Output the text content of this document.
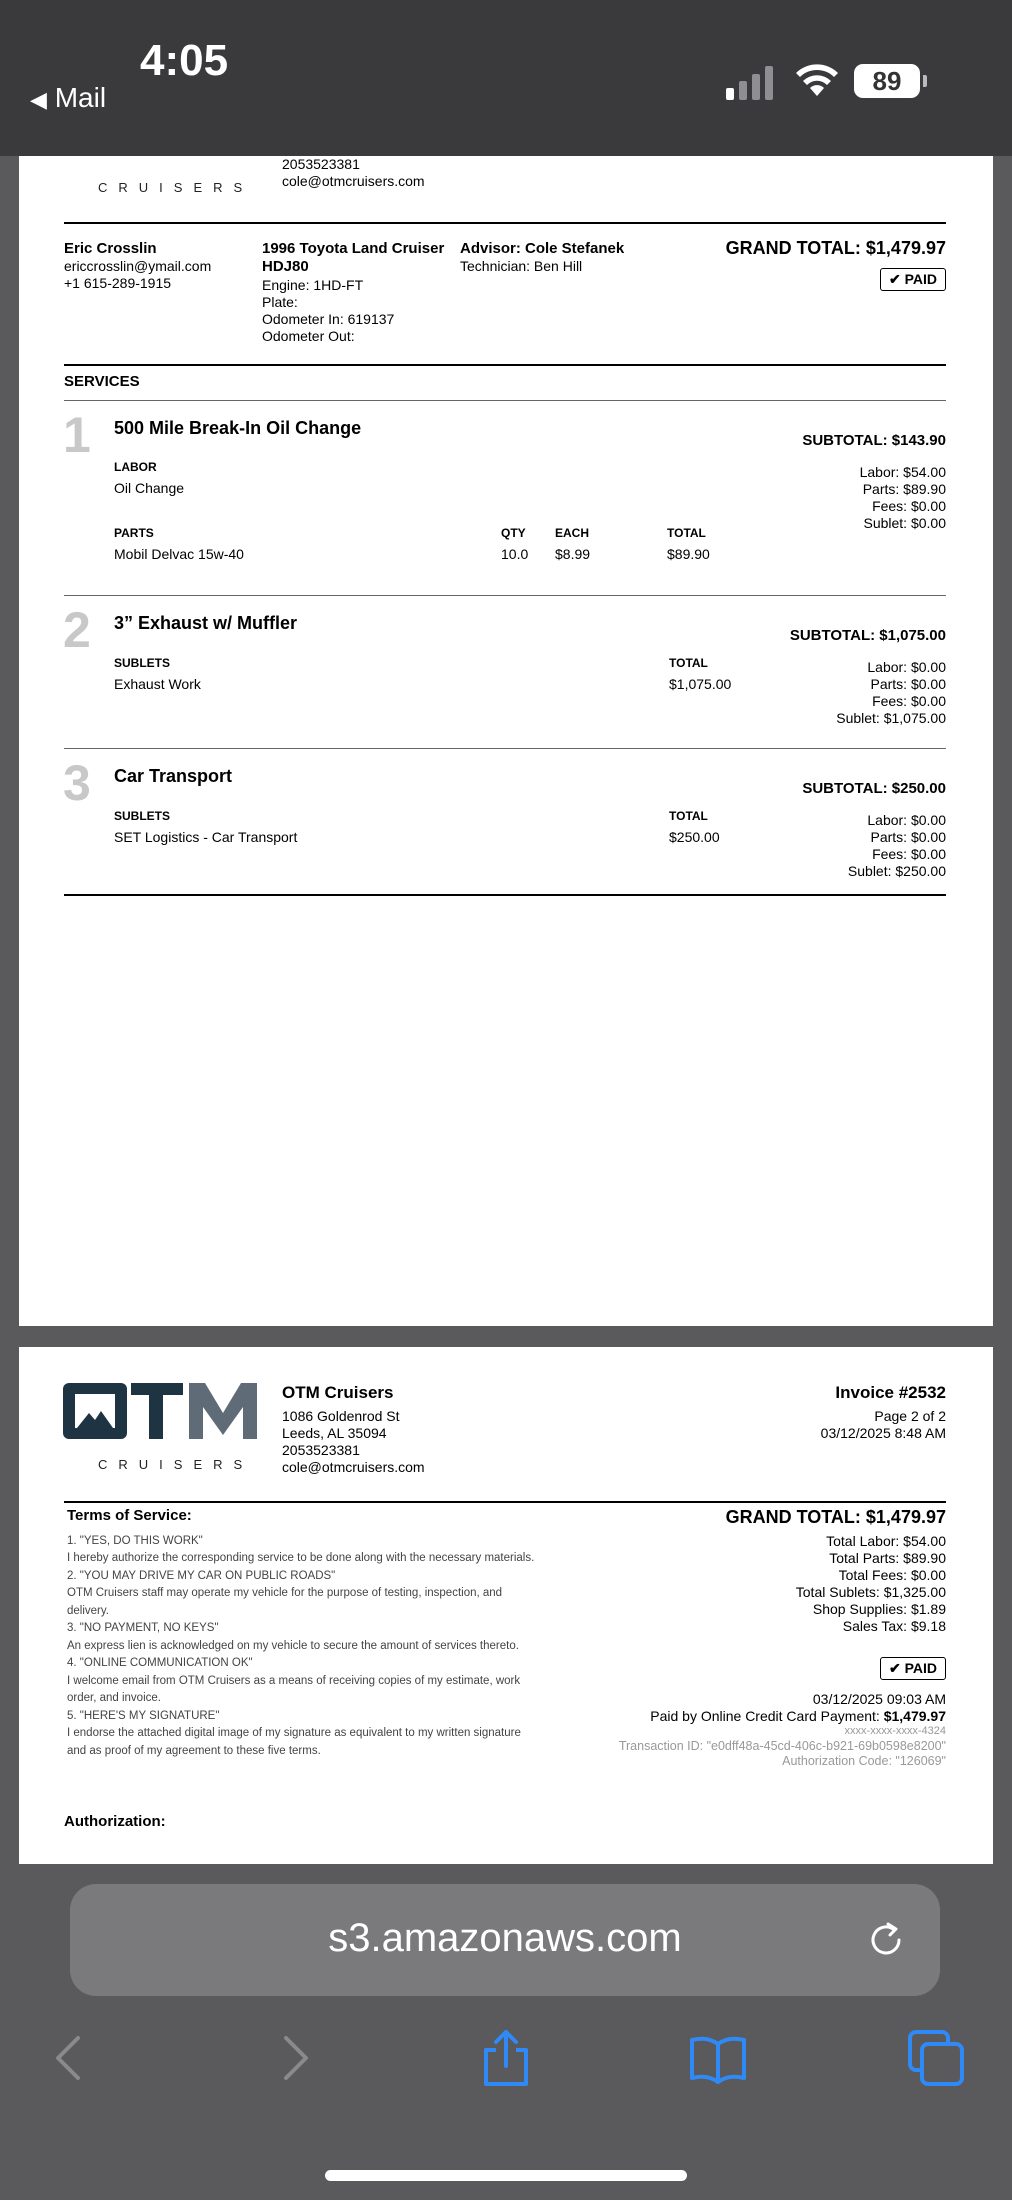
4:05
◀ Mail
89
CRUISERS
2053523381
cole@otmcruisers.com
Eric Crosslin
ericcrosslin@ymail.com
+1 615-289-1915
1996 Toyota Land Cruiser HDJ80
Engine: 1HD-FT
Plate:
Odometer In: 619137
Odometer Out:
Advisor: Cole Stefanek
Technician: Ben Hill
GRAND TOTAL: $1,479.97
✔ PAID
SERVICES
1 500 Mile Break-In Oil Change
LABOR
Oil Change
PARTS	QTY EACH	TOTAL
Mobil Delvac 15w-40	10.0 $8.99	$89.90
SUBTOTAL: $143.90
Labor: $54.00
Parts: $89.90
Fees: $0.00
Sublet: $0.00
2 3” Exhaust w/ Muffler
SUBLETS	TOTAL
Exhaust Work	$1,075.00
SUBTOTAL: $1,075.00
Labor: $0.00
Parts: $0.00
Fees: $0.00
Sublet: $1,075.00
3 Car Transport
SUBLETS	TOTAL
SET Logistics - Car Transport	$250.00
SUBTOTAL: $250.00
Labor: $0.00
Parts: $0.00
Fees: $0.00
Sublet: $250.00
CRUISERS
OTM Cruisers
1086 Goldenrod St
Leeds, AL 35094
2053523381
cole@otmcruisers.com
Invoice #2532
Page 2 of 2
03/12/2025 8:48 AM
Terms of Service:

1. "YES, DO THIS WORK"

I hereby authorize the corresponding service to be done along with the necessary materials.

2. "YOU MAY DRIVE MY CAR ON PUBLIC ROADS"

OTM Cruisers staff may operate my vehicle for the purpose of testing, inspection, and

delivery.

3. "NO PAYMENT, NO KEYS"

An express lien is acknowledged on my vehicle to secure the amount of services thereto.

4. "ONLINE COMMUNICATION OK"

I welcome email from OTM Cruisers as a means of receiving copies of my estimate, work

order, and invoice.

5. "HERE'S MY SIGNATURE"

I endorse the attached digital image of my signature as equivalent to my written signature

and as proof of my agreement to these five terms.

GRAND TOTAL: $1,479.97
Total Labor: $54.00
Total Parts: $89.90
Total Fees: $0.00
Total Sublets: $1,325.00
Shop Supplies: $1.89
Sales Tax: $9.18
✔ PAID
03/12/2025 09:03 AM
Paid by Online Credit Card Payment: $1,479.97
xxxx-xxxx-xxxx-4324
Transaction ID: "e0dff48a-45cd-406c-b921-69b0598e8200"
Authorization Code: "126069"
Authorization:
s3.amazonaws.com
